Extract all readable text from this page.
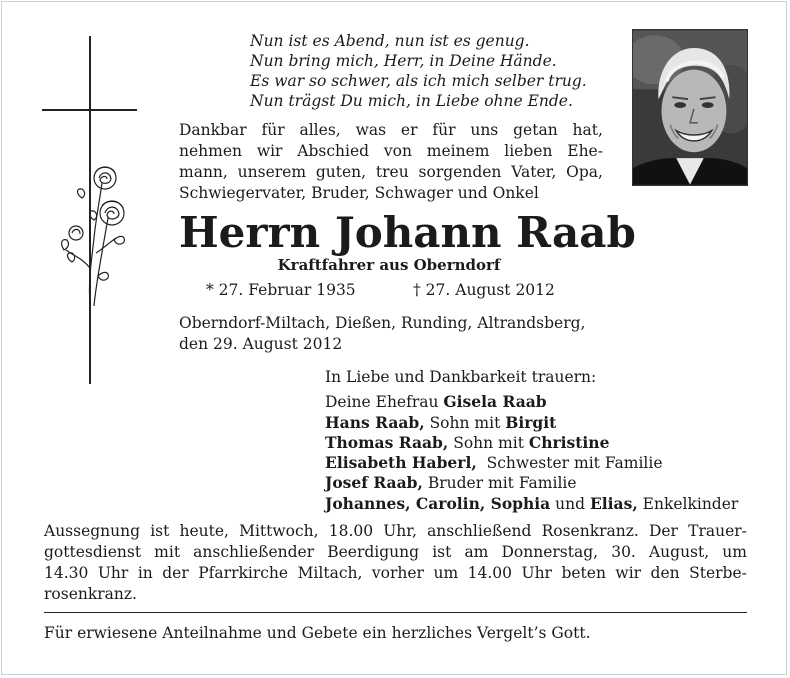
Nun ist es Abend, nun ist es genug.
Nun bring mich, Herr, in Deine Hände.
Es war so schwer, als ich mich selber trug.
Nun trägst Du mich, in Liebe ohne Ende.
Dankbar für alles, was er für uns getan hat,
nehmen wir Abschied von meinem lieben Ehe-
mann, unserem guten, treu sorgenden Vater, Opa,
Schwiegervater, Bruder, Schwager und Onkel
Herrn Johann Raab
Kraftfahrer aus Oberndorf
* 27. Februar 1935	† 27. August 2012
Oberndorf-Miltach, Dießen, Runding, Altrandsberg,
den 29. August 2012
In Liebe und Dankbarkeit trauern:
Deine Ehefrau Gisela Raab
Hans Raab, Sohn mit Birgit
Thomas Raab, Sohn mit Christine
Elisabeth Haberl,  Schwester mit Familie
Josef Raab, Bruder mit Familie
Johannes, Carolin, Sophia und Elias, Enkelkinder
Aussegnung ist heute, Mittwoch, 18.00 Uhr, anschließend Rosenkranz. Der Trauer-
gottesdienst mit anschließender Beerdigung ist am Donnerstag, 30. August, um
14.30 Uhr in der Pfarrkirche Miltach, vorher um 14.00 Uhr beten wir den Sterbe-
rosenkranz.
Für erwiesene Anteilnahme und Gebete ein herzliches Vergelt’s Gott.
